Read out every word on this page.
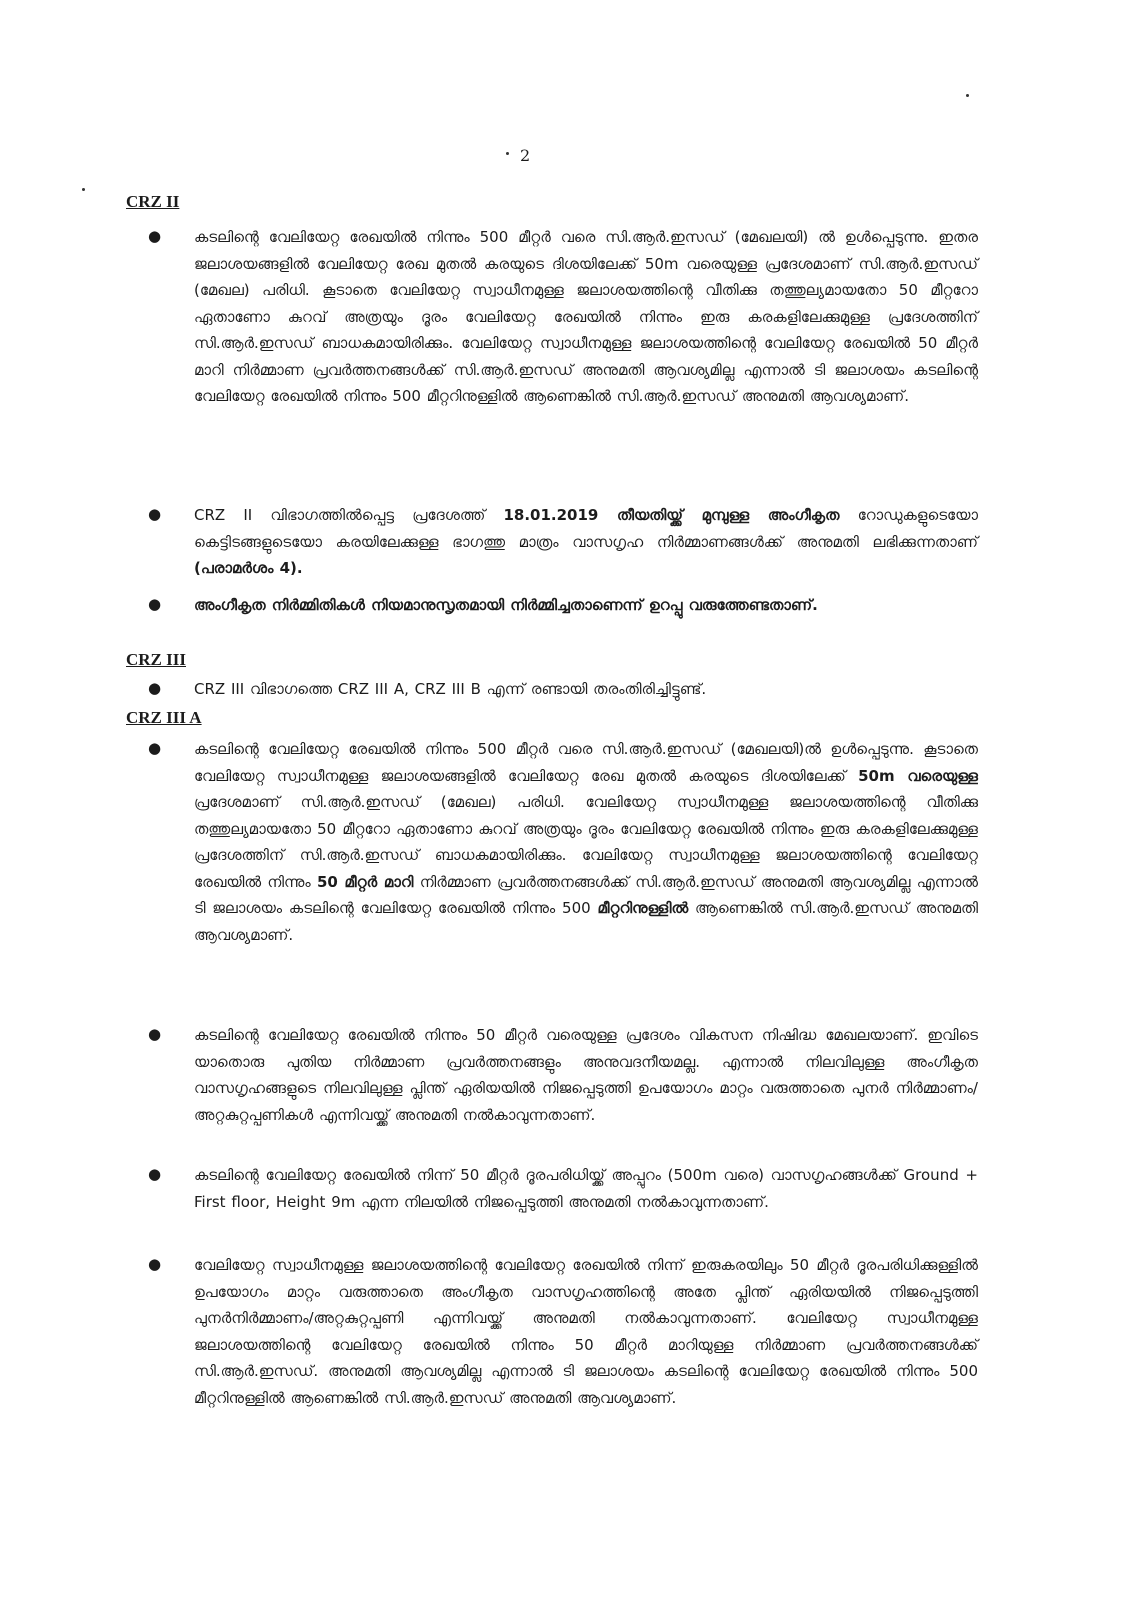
2
CRZ II
● കടലിന്റെ വേലിയേറ്റ രേഖയിൽ നിന്നും 500 മീറ്റർ വരെ സി.ആർ.ഇസഡ് (മേഖലയി) ൽ ഉൾപ്പെടുന്നു. ഇതര ജലാശയങ്ങളിൽ വേലിയേറ്റ രേഖ മുതൽ കരയുടെ ദിശയിലേക്ക് 50m വരെയുള്ള പ്രദേശമാണ് സി.ആർ.ഇസഡ് (മേഖല) പരിധി. കൂടാതെ വേലിയേറ്റ സ്വാധീനമുള്ള ജലാശയത്തിന്റെ വീതിക്കു തത്തുല്യമായതോ 50 മീറ്ററോ ഏതാണോ കുറവ് അത്രയും ദൂരം വേലിയേറ്റ രേഖയിൽ നിന്നും ഇരു കരകളിലേക്കുമുള്ള പ്രദേശത്തിന് സി.ആർ.ഇസഡ് ബാധകമായിരിക്കും. വേലിയേറ്റ സ്വാധീനമുള്ള ജലാശയത്തിന്റെ വേലിയേറ്റ രേഖയിൽ 50 മീറ്റർ മാറി നിർമ്മാണ പ്രവർത്തനങ്ങൾക്ക് സി.ആർ.ഇസഡ് അനുമതി ആവശ്യമില്ല എന്നാൽ ടി ജലാശയം കടലിന്റെ വേലിയേറ്റ രേഖയിൽ നിന്നും 500 മീറ്ററിനുള്ളിൽ ആണെങ്കിൽ സി.ആർ.ഇസഡ് അനുമതി ആവശ്യമാണ്.
● CRZ II വിഭാഗത്തിൽപ്പെട്ട പ്രദേശത്ത് 18.01.2019 തീയതിയ്ക്ക് മുമ്പുള്ള അംഗീകൃത റോഡുകളുടെയോ കെട്ടിടങ്ങളുടെയോ കരയിലേക്കുള്ള ഭാഗത്തു മാത്രം വാസഗൃഹ നിർമ്മാണങ്ങൾക്ക് അനുമതി ലഭിക്കുന്നതാണ് (പരാമർശം 4).
● അംഗീകൃത നിർമ്മിതികൾ നിയമാനുസൃതമായി നിർമ്മിച്ചതാണെന്ന് ഉറപ്പു വരുത്തേണ്ടതാണ്.
CRZ III
● CRZ III വിഭാഗത്തെ CRZ III A, CRZ III B എന്ന് രണ്ടായി തരംതിരിച്ചിട്ടുണ്ട്.
CRZ III A
● കടലിന്റെ വേലിയേറ്റ രേഖയിൽ നിന്നും 500 മീറ്റർ വരെ സി.ആർ.ഇസഡ് (മേഖലയി)ൽ ഉൾപ്പെടുന്നു. കൂടാതെ വേലിയേറ്റ സ്വാധീനമുള്ള ജലാശയങ്ങളിൽ വേലിയേറ്റ രേഖ മുതൽ കരയുടെ ദിശയിലേക്ക് 50m വരെയുള്ള പ്രദേശമാണ് സി.ആർ.ഇസഡ് (മേഖല) പരിധി. വേലിയേറ്റ സ്വാധീനമുള്ള ജലാശയത്തിന്റെ വീതിക്കു തത്തുല്യമായതോ 50 മീറ്ററോ ഏതാണോ കുറവ് അത്രയും ദൂരം വേലിയേറ്റ രേഖയിൽ നിന്നും ഇരു കരകളിലേക്കുമുള്ള പ്രദേശത്തിന് സി.ആർ.ഇസഡ് ബാധകമായിരിക്കും. വേലിയേറ്റ സ്വാധീനമുള്ള ജലാശയത്തിന്റെ വേലിയേറ്റ രേഖയിൽ നിന്നും 50 മീറ്റർ മാറി നിർമ്മാണ പ്രവർത്തനങ്ങൾക്ക് സി.ആർ.ഇസഡ് അനുമതി ആവശ്യമില്ല എന്നാൽ ടി ജലാശയം കടലിന്റെ വേലിയേറ്റ രേഖയിൽ നിന്നും 500 മീറ്ററിനുള്ളിൽ ആണെങ്കിൽ സി.ആർ.ഇസഡ് അനുമതി ആവശ്യമാണ്.
● കടലിന്റെ വേലിയേറ്റ രേഖയിൽ നിന്നും 50 മീറ്റർ വരെയുള്ള പ്രദേശം വികസന നിഷിദ്ധ മേഖലയാണ്. ഇവിടെ യാതൊരു പുതിയ നിർമ്മാണ പ്രവർത്തനങ്ങളും അനുവദനീയമല്ല. എന്നാൽ നിലവിലുള്ള അംഗീകൃത വാസഗൃഹങ്ങളുടെ നിലവിലുള്ള പ്ലിന്ത് ഏരിയയിൽ നിജപ്പെടുത്തി ഉപയോഗം മാറ്റം വരുത്താതെ പുനർ നിർമ്മാണം/അറ്റകുറ്റപ്പണികൾ എന്നിവയ്ക്ക് അനുമതി നൽകാവുന്നതാണ്.
● കടലിന്റെ വേലിയേറ്റ രേഖയിൽ നിന്ന് 50 മീറ്റർ ദൂരപരിധിയ്ക്ക് അപ്പുറം (500m വരെ) വാസഗൃഹങ്ങൾക്ക് Ground + First floor, Height 9m എന്ന നിലയിൽ നിജപ്പെടുത്തി അനുമതി നൽകാവുന്നതാണ്.
● വേലിയേറ്റ സ്വാധീനമുള്ള ജലാശയത്തിന്റെ വേലിയേറ്റ രേഖയിൽ നിന്ന് ഇരുകരയിലും 50 മീറ്റർ ദൂരപരിധിക്കുള്ളിൽ ഉപയോഗം മാറ്റം വരുത്താതെ അംഗീകൃത വാസഗൃഹത്തിന്റെ അതേ പ്ലിന്ത് ഏരിയയിൽ നിജപ്പെടുത്തി പുനർനിർമ്മാണം/അറ്റകുറ്റപ്പണി എന്നിവയ്ക്ക് അനുമതി നൽകാവുന്നതാണ്. വേലിയേറ്റ സ്വാധീനമുള്ള ജലാശയത്തിന്റെ വേലിയേറ്റ രേഖയിൽ നിന്നും 50 മീറ്റർ മാറിയുള്ള നിർമ്മാണ പ്രവർത്തനങ്ങൾക്ക് സി.ആർ.ഇസഡ്. അനുമതി ആവശ്യമില്ല എന്നാൽ ടി ജലാശയം കടലിന്റെ വേലിയേറ്റ രേഖയിൽ നിന്നും 500 മീറ്ററിനുള്ളിൽ ആണെങ്കിൽ സി.ആർ.ഇസഡ് അനുമതി ആവശ്യമാണ്.
